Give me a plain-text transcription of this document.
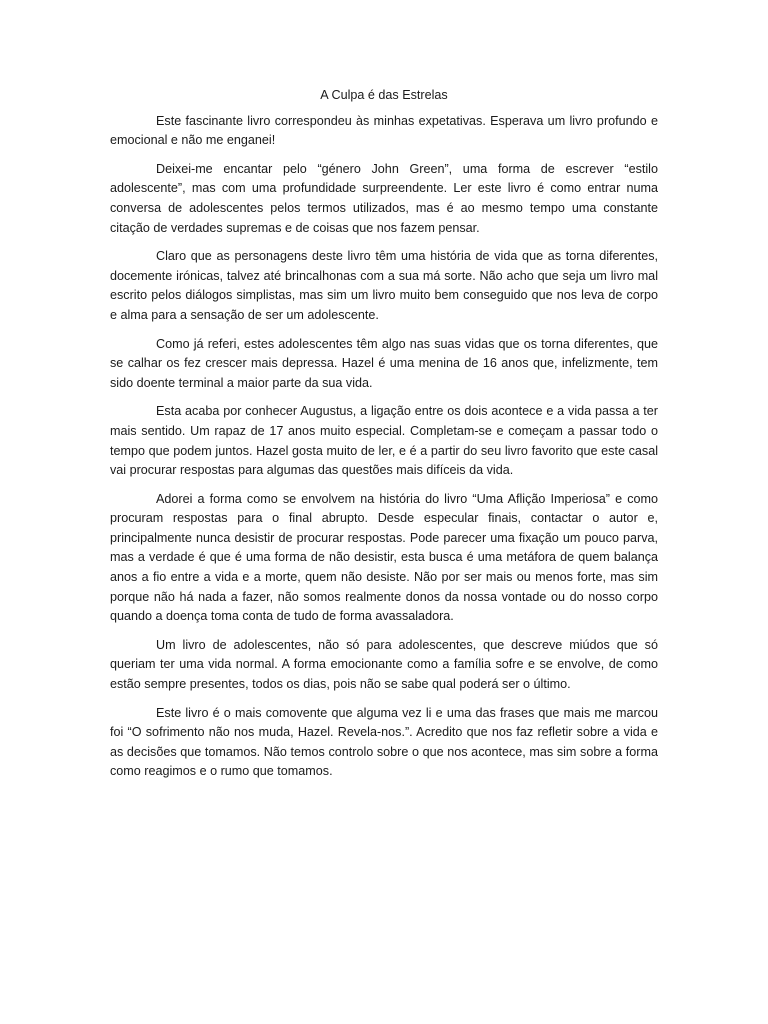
A Culpa é das Estrelas

Este fascinante livro correspondeu às minhas expetativas. Esperava um livro profundo e emocional e não me enganei!

Deixei-me encantar pelo “género John Green”, uma forma de escrever “estilo adolescente”, mas com uma profundidade surpreendente. Ler este livro é como entrar numa conversa de adolescentes pelos termos utilizados, mas é ao mesmo tempo uma constante citação de verdades supremas e de coisas que nos fazem pensar.

Claro que as personagens deste livro têm uma história de vida que as torna diferentes, docemente irónicas, talvez até brincalhonas com a sua má sorte. Não acho que seja um livro mal escrito pelos diálogos simplistas, mas sim um livro muito bem conseguido que nos leva de corpo e alma para a sensação de ser um adolescente.

Como já referi, estes adolescentes têm algo nas suas vidas que os torna diferentes, que se calhar os fez crescer mais depressa. Hazel é uma menina de 16 anos que, infelizmente, tem sido doente terminal a maior parte da sua vida.

Esta acaba por conhecer Augustus, a ligação entre os dois acontece e a vida passa a ter mais sentido. Um rapaz de 17 anos muito especial. Completam-se e começam a passar todo o tempo que podem juntos. Hazel gosta muito de ler, e é a partir do seu livro favorito que este casal vai procurar respostas para algumas das questões mais difíceis da vida.

Adorei a forma como se envolvem na história do livro “Uma Aflição Imperiosa” e como procuram respostas para o final abrupto. Desde especular finais, contactar o autor e, principalmente nunca desistir de procurar respostas. Pode parecer uma fixação um pouco parva, mas a verdade é que é uma forma de não desistir, esta busca é uma metáfora de quem balança anos a fio entre a vida e a morte, quem não desiste. Não por ser mais ou menos forte, mas sim porque não há nada a fazer, não somos realmente donos da nossa vontade ou do nosso corpo quando a doença toma conta de tudo de forma avassaladora.

Um livro de adolescentes, não só para adolescentes, que descreve miúdos que só queriam ter uma vida normal. A forma emocionante como a família sofre e se envolve, de como estão sempre presentes, todos os dias, pois não se sabe qual poderá ser o último.

Este livro é o mais comovente que alguma vez li e uma das frases que mais me marcou foi “O sofrimento não nos muda, Hazel. Revela-nos.”. Acredito que nos faz refletir sobre a vida e as decisões que tomamos. Não temos controlo sobre o que nos acontece, mas sim sobre a forma como reagimos e o rumo que tomamos.
